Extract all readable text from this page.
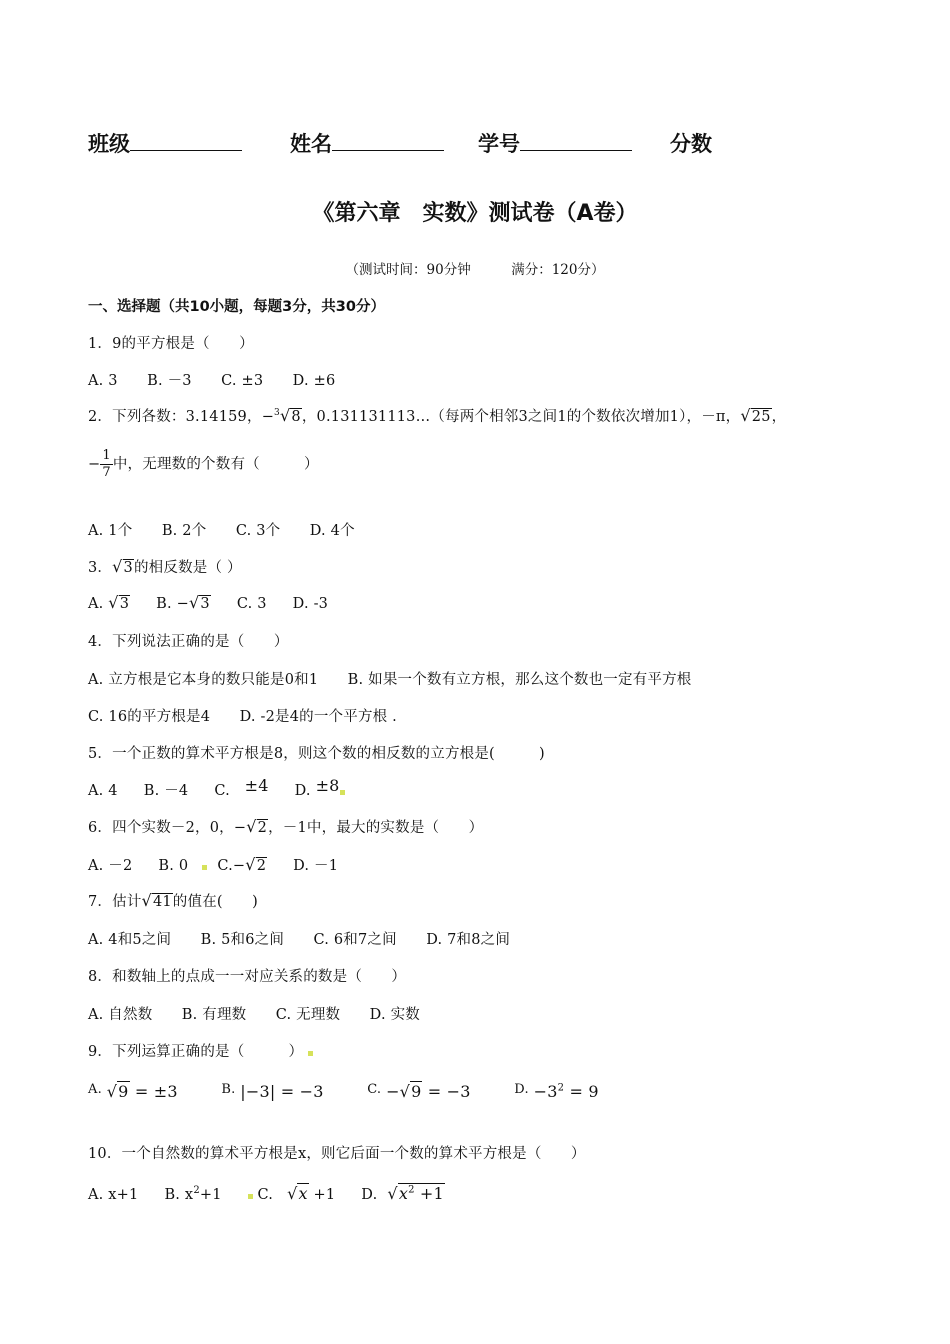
班级	姓名	学号	分数
《第六章　实数》测试卷（A卷）
（测试时间：90分钟　　　满分：120分）
一、选择题（共10小题，每题3分，共30分）
1．9的平方根是（　　）
A. 3　　B. －3　　C. ±3　　D. ±6
2．下列各数：3.14159，−$^3$√8，0.131131113…（每两个相邻3之间1的个数依次增加1），－π，√25，
− $\frac{1}{7}$ 中，无理数的个数有（　　　）
A. 1个　　B. 2个　　C. 3个　　D. 4个
3．√3的相反数是（ ）
A. √3 B. −√3 C. 3 D. -3
4．下列说法正确的是（　　）
A. 立方根是它本身的数只能是0和1　　B. 如果一个数有立方根，那么这个数也一定有平方根
C. 16的平方根是4　　D. -2是4的一个平方根 .
5．一个正数的算术平方根是8，则这个数的相反数的立方根是(　　　)
A. 4 B. －4 C.　 ±4 D. ±8
6．四个实数－2，0，−√2，－1中，最大的实数是（　　）
A. －2 B. 0 C.−√2 D. －1
7．估计√41的值在(　　)
A. 4和5之间　　B. 5和6之间　　C. 6和7之间　　D. 7和8之间
8．和数轴上的点成一一对应关系的数是（　　）
A. 自然数　　B. 有理数　　C. 无理数　　D. 实数
9．下列运算正确的是（　　　）
A. √9 = ±3	B. |−3| = −3	C. −√9 = −3	D. $-3^2 = 9$
10．一个自然数的算术平方根是x，则它后面一个数的算术平方根是（　　）
A. x+1 B. $x^2+1$ C. √x +1 D. $√x^2 +1$
